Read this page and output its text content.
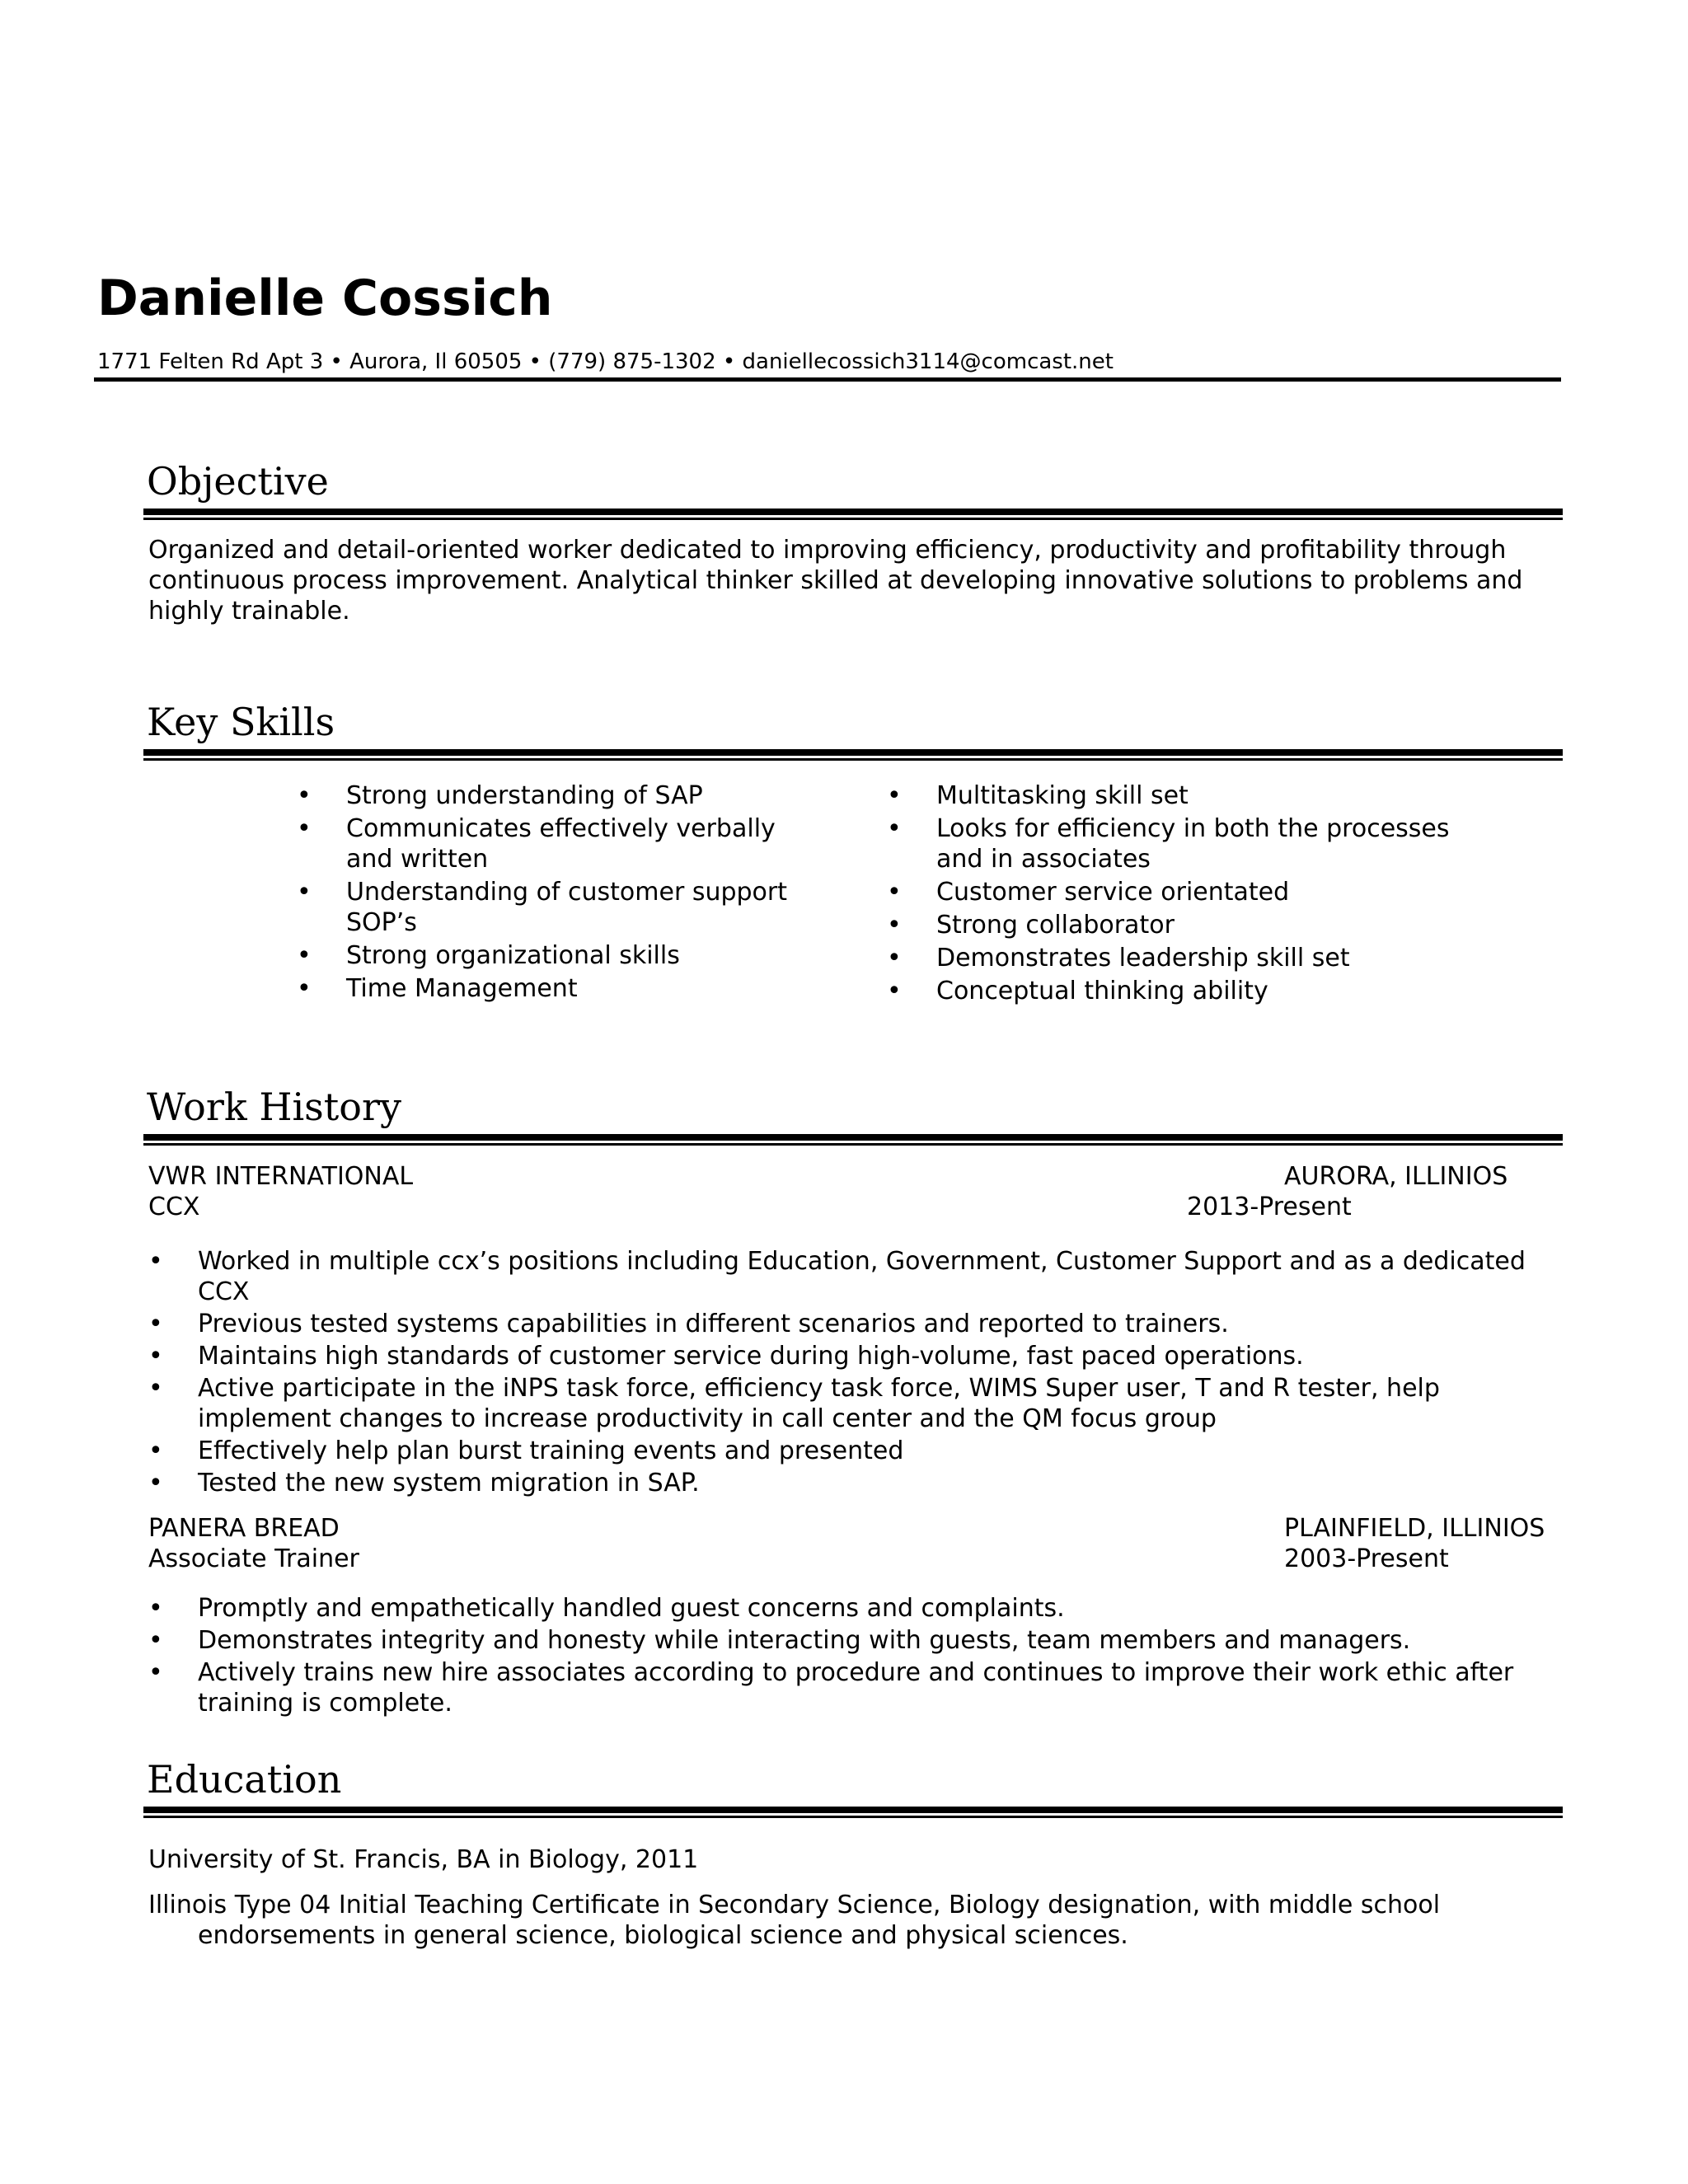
Danielle Cossich
1771 Felten Rd Apt 3 • Aurora, Il 60505 • (779) 875-1302 • daniellecossich3114@comcast.net
Objective
Organized and detail-oriented worker dedicated to improving efficiency, productivity and profitability through continuous process improvement. Analytical thinker skilled at developing innovative solutions to problems and highly trainable.
Key Skills
• Strong understanding of SAP
• Communicates effectively verbally and written
• Understanding of customer support SOP’s
• Strong organizational skills
• Time Management
• Multitasking skill set
• Looks for efficiency in both the processes and in associates
• Customer service orientated
• Strong collaborator
• Demonstrates leadership skill set
• Conceptual thinking ability
Work History
VWR INTERNATIONAL	AURORA, ILLINIOS
CCX	2013-Present
• Worked in multiple ccx’s positions including Education, Government, Customer Support and as a dedicated CCX
• Previous tested systems capabilities in different scenarios and reported to trainers.
• Maintains high standards of customer service during high-volume, fast paced operations.
• Active participate in the iNPS task force, efficiency task force, WIMS Super user, T and R tester, help implement changes to increase productivity in call center and the QM focus group
• Effectively help plan burst training events and presented
• Tested the new system migration in SAP.
PANERA BREAD	PLAINFIELD, ILLINIOS
Associate Trainer	2003-Present
• Promptly and empathetically handled guest concerns and complaints.
• Demonstrates integrity and honesty while interacting with guests, team members and managers.
• Actively trains new hire associates according to procedure and continues to improve their work ethic after training is complete.
Education
University of St. Francis, BA in Biology, 2011
Illinois Type 04 Initial Teaching Certificate in Secondary Science, Biology designation, with middle school endorsements in general science, biological science and physical sciences.
